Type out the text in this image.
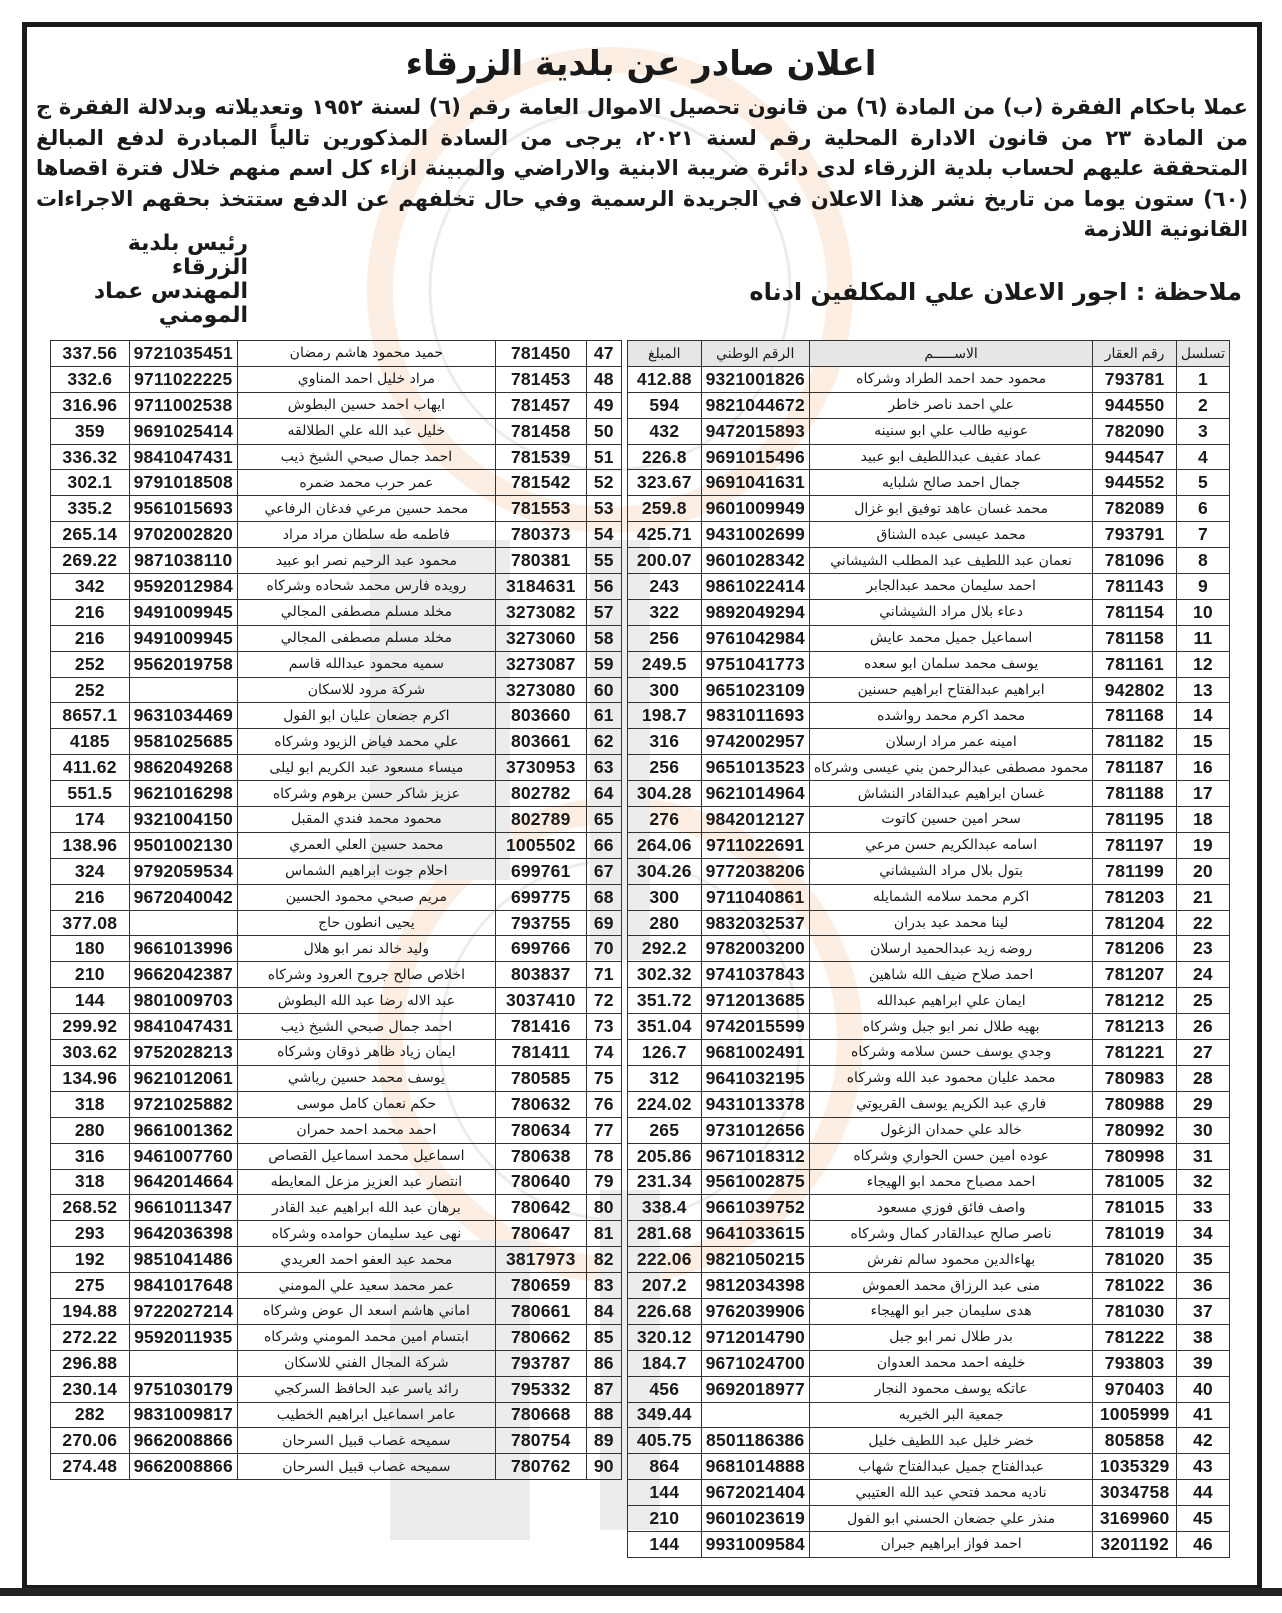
اعلان صادر عن بلدية الزرقاء
عملا باحكام الفقرة (ب) من المادة (٦) من قانون تحصيل الاموال العامة رقم (٦) لسنة ١٩٥٢ وتعديلاته وبدلالة الفقرة ج من المادة ٢٣ من قانون الادارة المحلية رقم لسنة ٢٠٢١، يرجى من السادة المذكورين تالياً المبادرة لدفع المبالغ المتحققة عليهم لحساب بلدية الزرقاء لدى دائرة ضريبة الابنية والاراضي والمبينة ازاء كل اسم منهم خلال فترة اقصاها (٦٠) ستون يوما من تاريخ نشر هذا الاعلان في الجريدة الرسمية وفي حال تخلفهم عن الدفع ستتخذ بحقهم الاجراءات القانونية اللازمة
رئيس بلدية الزرقاء
المهندس عماد المومني
ملاحظة : اجور الاعلان علي المكلفين ادناه
تسلسل	رقم العقار	الاســـــم	الرقم الوطني	المبلغ
1	793781	محمود حمد احمد الطراد وشركاه	9321001826	412.88
2	944550	علي احمد ناصر خاطر	9821044672	594
3	782090	عونيه طالب علي ابو سنينه	9472015893	432
4	944547	عماد عفيف عبداللطيف ابو عبيد	9691015496	226.8
5	944552	جمال احمد صالح شلبايه	9691041631	323.67
6	782089	محمد غسان عاهد توفيق ابو غزال	9601009949	259.8
7	793791	محمد عيسى عبده الشناق	9431002699	425.71
8	781096	نعمان عبد اللطيف عبد المطلب الشيشاني	9601028342	200.07
9	781143	احمد سليمان محمد عبدالجابر	9861022414	243
10	781154	دعاء بلال مراد الشيشاني	9892049294	322
11	781158	اسماعيل جميل محمد عايش	9761042984	256
12	781161	يوسف محمد سلمان ابو سعده	9751041773	249.5
13	942802	ابراهيم عبدالفتاح ابراهيم حسنين	9651023109	300
14	781168	محمد اكرم محمد رواشده	9831011693	198.7
15	781182	امينه عمر مراد ارسلان	9742002957	316
16	781187	محمود مصطفى عبدالرحمن بني عيسى وشركاه	9651013523	256
17	781188	غسان ابراهيم عبدالقادر النشاش	9621014964	304.28
18	781195	سحر امين حسين كاتوت	9842012127	276
19	781197	اسامه عبدالكريم حسن مرعي	9711022691	264.06
20	781199	بتول بلال مراد الشيشاني	9772038206	304.26
21	781203	اكرم محمد سلامه الشمايله	9711040861	300
22	781204	لينا محمد عبد بدران	9832032537	280
23	781206	روضه زيد عبدالحميد ارسلان	9782003200	292.2
24	781207	احمد صلاح ضيف الله شاهين	9741037843	302.32
25	781212	ايمان علي ابراهيم عبدالله	9712013685	351.72
26	781213	بهيه طلال نمر ابو جبل وشركاه	9742015599	351.04
27	781221	وجدي يوسف حسن سلامه وشركاه	9681002491	126.7
28	780983	محمد عليان محمود عبد الله وشركاه	9641032195	312
29	780988	فاري عبد الكريم يوسف القريوتي	9431013378	224.02
30	780992	خالد علي حمدان الزغول	9731012656	265
31	780998	عوده امين حسن الحواري وشركاه	9671018312	205.86
32	781005	احمد مصباح محمد ابو الهيجاء	9561002875	231.34
33	781015	واصف فائق فوزي مسعود	9661039752	338.4
34	781019	ناصر صالح عبدالقادر كمال وشركاه	9641033615	281.68
35	781020	بهاءالدين محمود سالم نفرش	9821050215	222.06
36	781022	منى عبد الرزاق محمد العموش	9812034398	207.2
37	781030	هدى سليمان جبر ابو الهيجاء	9762039906	226.68
38	781222	بدر طلال نمر ابو جبل	9712014790	320.12
39	793803	خليفه احمد محمد العدوان	9671024700	184.7
40	970403	عاتكه يوسف محمود النجار	9692018977	456
41	1005999	جمعية البر الخيريه		349.44
42	805858	خضر خليل عبد اللطيف خليل	8501186386	405.75
43	1035329	عبدالفتاح جميل عبدالفتاح شهاب	9681014888	864
44	3034758	ناديه محمد فتحي عبد الله العتيبي	9672021404	144
45	3169960	منذر علي جضعان الحسني ابو الفول	9601023619	210
46	3201192	احمد فواز ابراهيم جبران	9931009584	144
47	781450	حميد محمود هاشم رمضان	9721035451	337.56
48	781453	مراد خليل احمد المناوي	9711022225	332.6
49	781457	ايهاب احمد حسين البطوش	9711002538	316.96
50	781458	خليل عبد الله علي الطلالقه	9691025414	359
51	781539	احمد جمال صبحي الشيخ ذيب	9841047431	336.32
52	781542	عمر حرب محمد ضمره	9791018508	302.1
53	781553	محمد حسين مرعي فدغان الرفاعي	9561015693	335.2
54	780373	فاطمه طه سلطان مراد مراد	9702002820	265.14
55	780381	محمود عبد الرحيم نصر ابو عبيد	9871038110	269.22
56	3184631	رويده فارس محمد شحاده وشركاه	9592012984	342
57	3273082	مخلد مسلم مصطفى المجالي	9491009945	216
58	3273060	مخلد مسلم مصطفى المجالي	9491009945	216
59	3273087	سميه محمود عبدالله قاسم	9562019758	252
60	3273080	شركة مرود للاسكان		252
61	803660	اكرم جضعان عليان ابو الفول	9631034469	8657.1
62	803661	علي محمد فياض الزيود وشركاه	9581025685	4185
63	3730953	ميساء مسعود عبد الكريم ابو ليلى	9862049268	411.62
64	802782	عزيز شاكر حسن برهوم وشركاه	9621016298	551.5
65	802789	محمود محمد فندي المقبل	9321004150	174
66	1005502	محمد حسين العلي العمري	9501002130	138.96
67	699761	احلام جوت ابراهيم الشماس	9792059534	324
68	699775	مريم صبحي محمود الحسين	9672040042	216
69	793755	يحيى انطون حاج		377.08
70	699766	وليد خالد نمر ابو هلال	9661013996	180
71	803837	اخلاص صالح جروح العرود وشركاه	9662042387	210
72	3037410	عبد الاله رضا عبد الله البطوش	9801009703	144
73	781416	احمد جمال صبحي الشيخ ذيب	9841047431	299.92
74	781411	ايمان زياد ظاهر ذوقان وشركاه	9752028213	303.62
75	780585	يوسف محمد حسين رياشي	9621012061	134.96
76	780632	حكم نعمان كامل موسى	9721025882	318
77	780634	احمد محمد احمد حمران	9661001362	280
78	780638	اسماعيل محمد اسماعيل القصاص	9461007760	316
79	780640	انتصار عبد العزيز مزعل المعايطه	9642014664	318
80	780642	برهان عبد الله ابراهيم عبد القادر	9661011347	268.52
81	780647	نهى عيد سليمان حوامده وشركاه	9642036398	293
82	3817973	محمد عبد العفو احمد العريدي	9851041486	192
83	780659	عمر محمد سعيد علي المومني	9841017648	275
84	780661	اماني هاشم اسعد ال عوض وشركاه	9722027214	194.88
85	780662	ابتسام امين محمد المومني وشركاه	9592011935	272.22
86	793787	شركة المجال الفني للاسكان		296.88
87	795332	رائد ياسر عبد الحافظ السركجي	9751030179	230.14
88	780668	عامر اسماعيل ابراهيم الخطيب	9831009817	282
89	780754	سميحه غصاب قبيل السرحان	9662008866	270.06
90	780762	سميحه غصاب قبيل السرحان	9662008866	274.48
